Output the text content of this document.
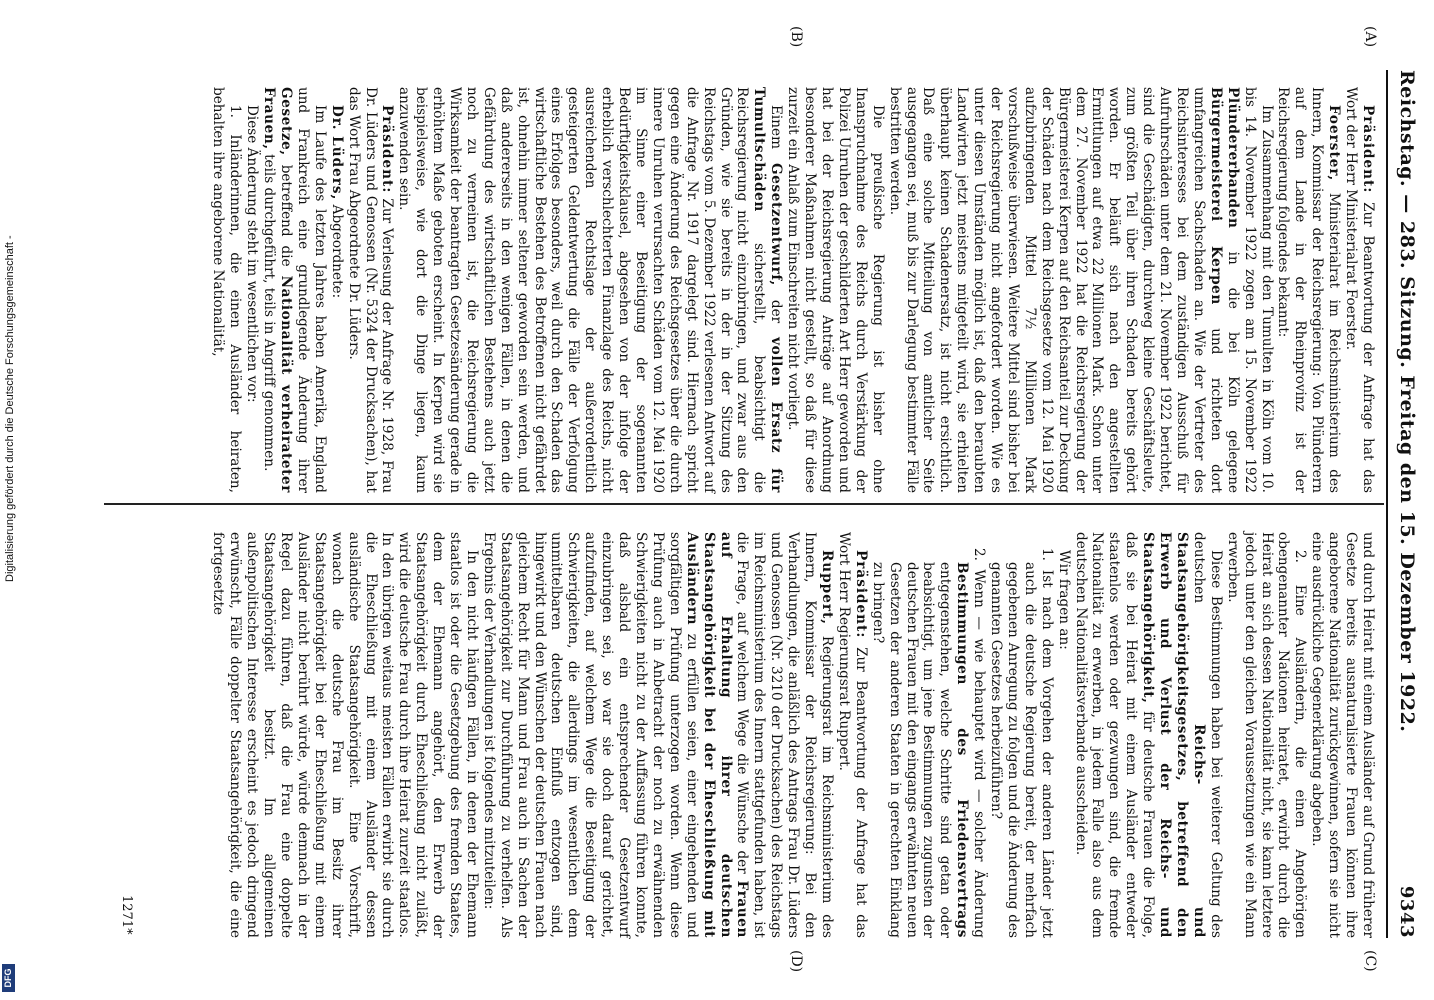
Reichstag. — 283. Sitzung. Freitag den 15. Dezember 1922.
9343
(A)
(B)
(C)
(D)

Präsident: Zur Beantwortung der Anfrage hat das Wort der Herr Ministerialrat Foerster.

Foerster, Ministerialrat im Reichsministerium des Innern, Kommissar der Reichsregierung: Von Plünderern auf dem Lande in der Rheinprovinz ist der Reichsregierung folgendes bekannt:

Im Zusammenhang mit den Tumulten in Köln vom 10. bis 14. November 1922 zogen am 15. November 1922 Plündererbanden in die bei Köln gelegene Bürgermeisterei Kerpen und richteten dort umfangreichen Sachschaden an. Wie der Vertreter des Reichsinteresses bei dem zuständigen Ausschuß für Aufruhrschäden unter dem 21. November 1922 berichtet, sind die Geschädigten, durchweg kleine Geschäftsleute, zum größten Teil über ihren Schaden bereits gehört worden. Er beläuft sich nach den angestellten Ermittlungen auf etwa 22 Millionen Mark. Schon unter dem 27. November 1922 hat die Reichsregierung der Bürgermeisterei Kerpen auf den Reichsanteil zur Deckung der Schäden nach dem Reichsgesetze vom 12. Mai 1920 aufzubringenden Mittel 7½ Millionen Mark vorschußweise überwiesen. Weitere Mittel sind bisher bei der Reichsregierung nicht angefordert worden. Wie es unter diesen Umständen möglich ist, daß den beraubten Landwirten jetzt meistens mitgeteilt wird, sie erhielten überhaupt keinen Schadenersatz, ist nicht ersichtlich. Daß eine solche Mitteilung von amtlicher Seite ausgegangen sei, muß bis zur Darlegung bestimmter Fälle bestritten werden.

Die preußische Regierung ist bisher ohne Inanspruchnahme des Reichs durch Verstärkung der Polizei Unruhen der geschilderten Art Herr geworden und hat bei der Reichsregierung Anträge auf Anordnung besonderer Maßnahmen nicht gestellt, so daß für diese zurzeit ein Anlaß zum Einschreiten nicht vorliegt.

Einem Gesetzentwurf, der vollen Ersatz für Tumultschäden sicherstellt, beabsichtigt die Reichsregierung nicht einzubringen, und zwar aus den Gründen, wie sie bereits in der in der Sitzung des Reichstags vom 5. Dezember 1922 verlesenen Antwort auf die Anfrage Nr. 1917 dargelegt sind. Hiernach spricht gegen eine Änderung des Reichsgesetzes über die durch innere Unruhen verursachten Schäden vom 12. Mai 1920 im Sinne einer Beseitigung der sogenannten Bedürftigkeitsklausel, abgesehen von der infolge der erheblich verschlechterten Finanzlage des Reichs, nicht ausreichenden Rechtslage der außerordentlich gesteigerten Geldentwertung die Fälle der Verfolgung eines Erfolges besonders, weil durch den Schaden das wirtschaftliche Bestehen des Betroffenen nicht gefährdet ist, ohnehin immer seltener geworden sein werden, und daß andererseits in den wenigen Fällen, in denen die Gefährdung des wirtschaftlichen Bestehens auch jetzt noch zu verneinen ist, die Reichsregierung die Wirksamkeit der beantragten Gesetzesänderung gerade in erhöhtem Maße geboten erscheint. In Kerpen wird sie beispielsweise, wie dort die Dinge liegen, kaum anzuwenden sein.

Präsident: Zur Verlesung der Anfrage Nr. 1928, Frau Dr. Lüders und Genossen (Nr. 5324 der Drucksachen), hat das Wort Frau Abgeordnete Dr. Lüders.

Dr. Lüders, Abgeordnete:

Im Laufe des letzten Jahres haben Amerika, England und Frankreich eine grundlegende Änderung ihrer Gesetze, betreffend die Nationalität verheirateter Frauen, teils durchgeführt, teils in Angriff genommen.

Diese Änderung steht im wesentlichen vor:

1. Inländerinnen, die einen Ausländer heiraten, behalten ihre angeborene Nationalität,

und durch Heirat mit einem Ausländer auf Grund früherer Gesetze bereits ausnaturalisierte Frauen können ihre angeborene Nationalität zurückgewinnen, sofern sie nicht eine ausdrückliche Gegenerklärung abgeben.

2. Eine Ausländerin, die einen Angehörigen obengenannter Nationen heiratet, erwirbt durch die Heirat an sich dessen Nationalität nicht, sie kann letztere jedoch unter den gleichen Voraussetzungen wie ein Mann erwerben.

Diese Bestimmungen haben bei weiterer Geltung des deutschen Reichs- und Staatsangehörigkeitsgesetzes, betreffend den Erwerb und Verlust der Reichs- und Staatsangehörigkeit, für deutsche Frauen die Folge, daß sie bei Heirat mit einem Ausländer entweder staatenlos werden oder gezwungen sind, die fremde Nationalität zu erwerben, in jedem Falle also aus dem deutschen Nationalitätsverbande ausscheiden.

Wir fragen an:

1. Ist nach dem Vorgehen der anderen Länder jetzt auch die deutsche Regierung bereit, der mehrfach gegebenen Anregung zu folgen und die Änderung des genannten Gesetzes herbeizuführen?

2. Wenn — wie behauptet wird — solcher Änderung Bestimmungen des Friedensvertrags entgegenstehen, welche Schritte sind getan oder beabsichtigt, um jene Bestimmungen zugunsten der deutschen Frauen mit den eingangs erwähnten neuen Gesetzen der anderen Staaten in gerechten Einklang zu bringen?

Präsident: Zur Beantwortung der Anfrage hat das Wort Herr Regierungsrat Ruppert.

Ruppert, Regierungsrat im Reichsministerium des Innern, Kommissar der Reichsregierung: Bei den Verhandlungen, die anläßlich des Antrags Frau Dr. Lüders und Genossen (Nr. 3210 der Drucksachen) des Reichstags im Reichsministerium des Innern stattgefunden haben, ist die Frage, auf welchem Wege die Wünsche der Frauen auf Erhaltung ihrer deutschen Staatsangehörigkeit bei der Eheschließung mit Ausländern zu erfüllen seien, einer eingehenden und sorgfältigen Prüfung unterzogen worden. Wenn diese Prüfung auch in Anbetracht der noch zu erwähnenden Schwierigkeiten nicht zu der Auffassung führen konnte, daß alsbald ein entsprechender Gesetzentwurf einzubringen sei, so war sie doch darauf gerichtet, aufzufinden, auf welchem Wege die Beseitigung der Schwierigkeiten, die allerdings im wesentlichen dem unmittelbaren deutschen Einfluß entzogen sind, hingewirkt und den Wünschen der deutschen Frauen nach gleichem Recht für Mann und Frau auch in Sachen der Staatsangehörigkeit zur Durchführung zu verhelfen. Als Ergebnis der Verhandlungen ist folgendes mitzuteilen:

In den nicht häufigen Fällen, in denen der Ehemann staatlos ist oder die Gesetzgebung des fremden Staates, dem der Ehemann angehört, den Erwerb der Staatsangehörigkeit durch Eheschließung nicht zuläßt, wird die deutsche Frau durch ihre Heirat zurzeit staatlos. In den übrigen weitaus meisten Fällen erwirbt sie durch die Eheschließung mit einem Ausländer dessen ausländische Staatsangehörigkeit. Eine Vorschrift, wonach die deutsche Frau im Besitz ihrer Staatsangehörigkeit bei der Eheschließung mit einem Ausländer nicht berührt würde, würde demnach in der Regel dazu führen, daß die Frau eine doppelte Staatsangehörigkeit besitzt. Im allgemeinen außenpolitischen Interesse erscheint es jedoch dringend erwünscht, Fälle doppelter Staatsangehörigkeit, die eine fortgesetzte

1271*
Digitalisierung gefördert durch die Deutsche Forschungsgemeinschaft -
DFG
